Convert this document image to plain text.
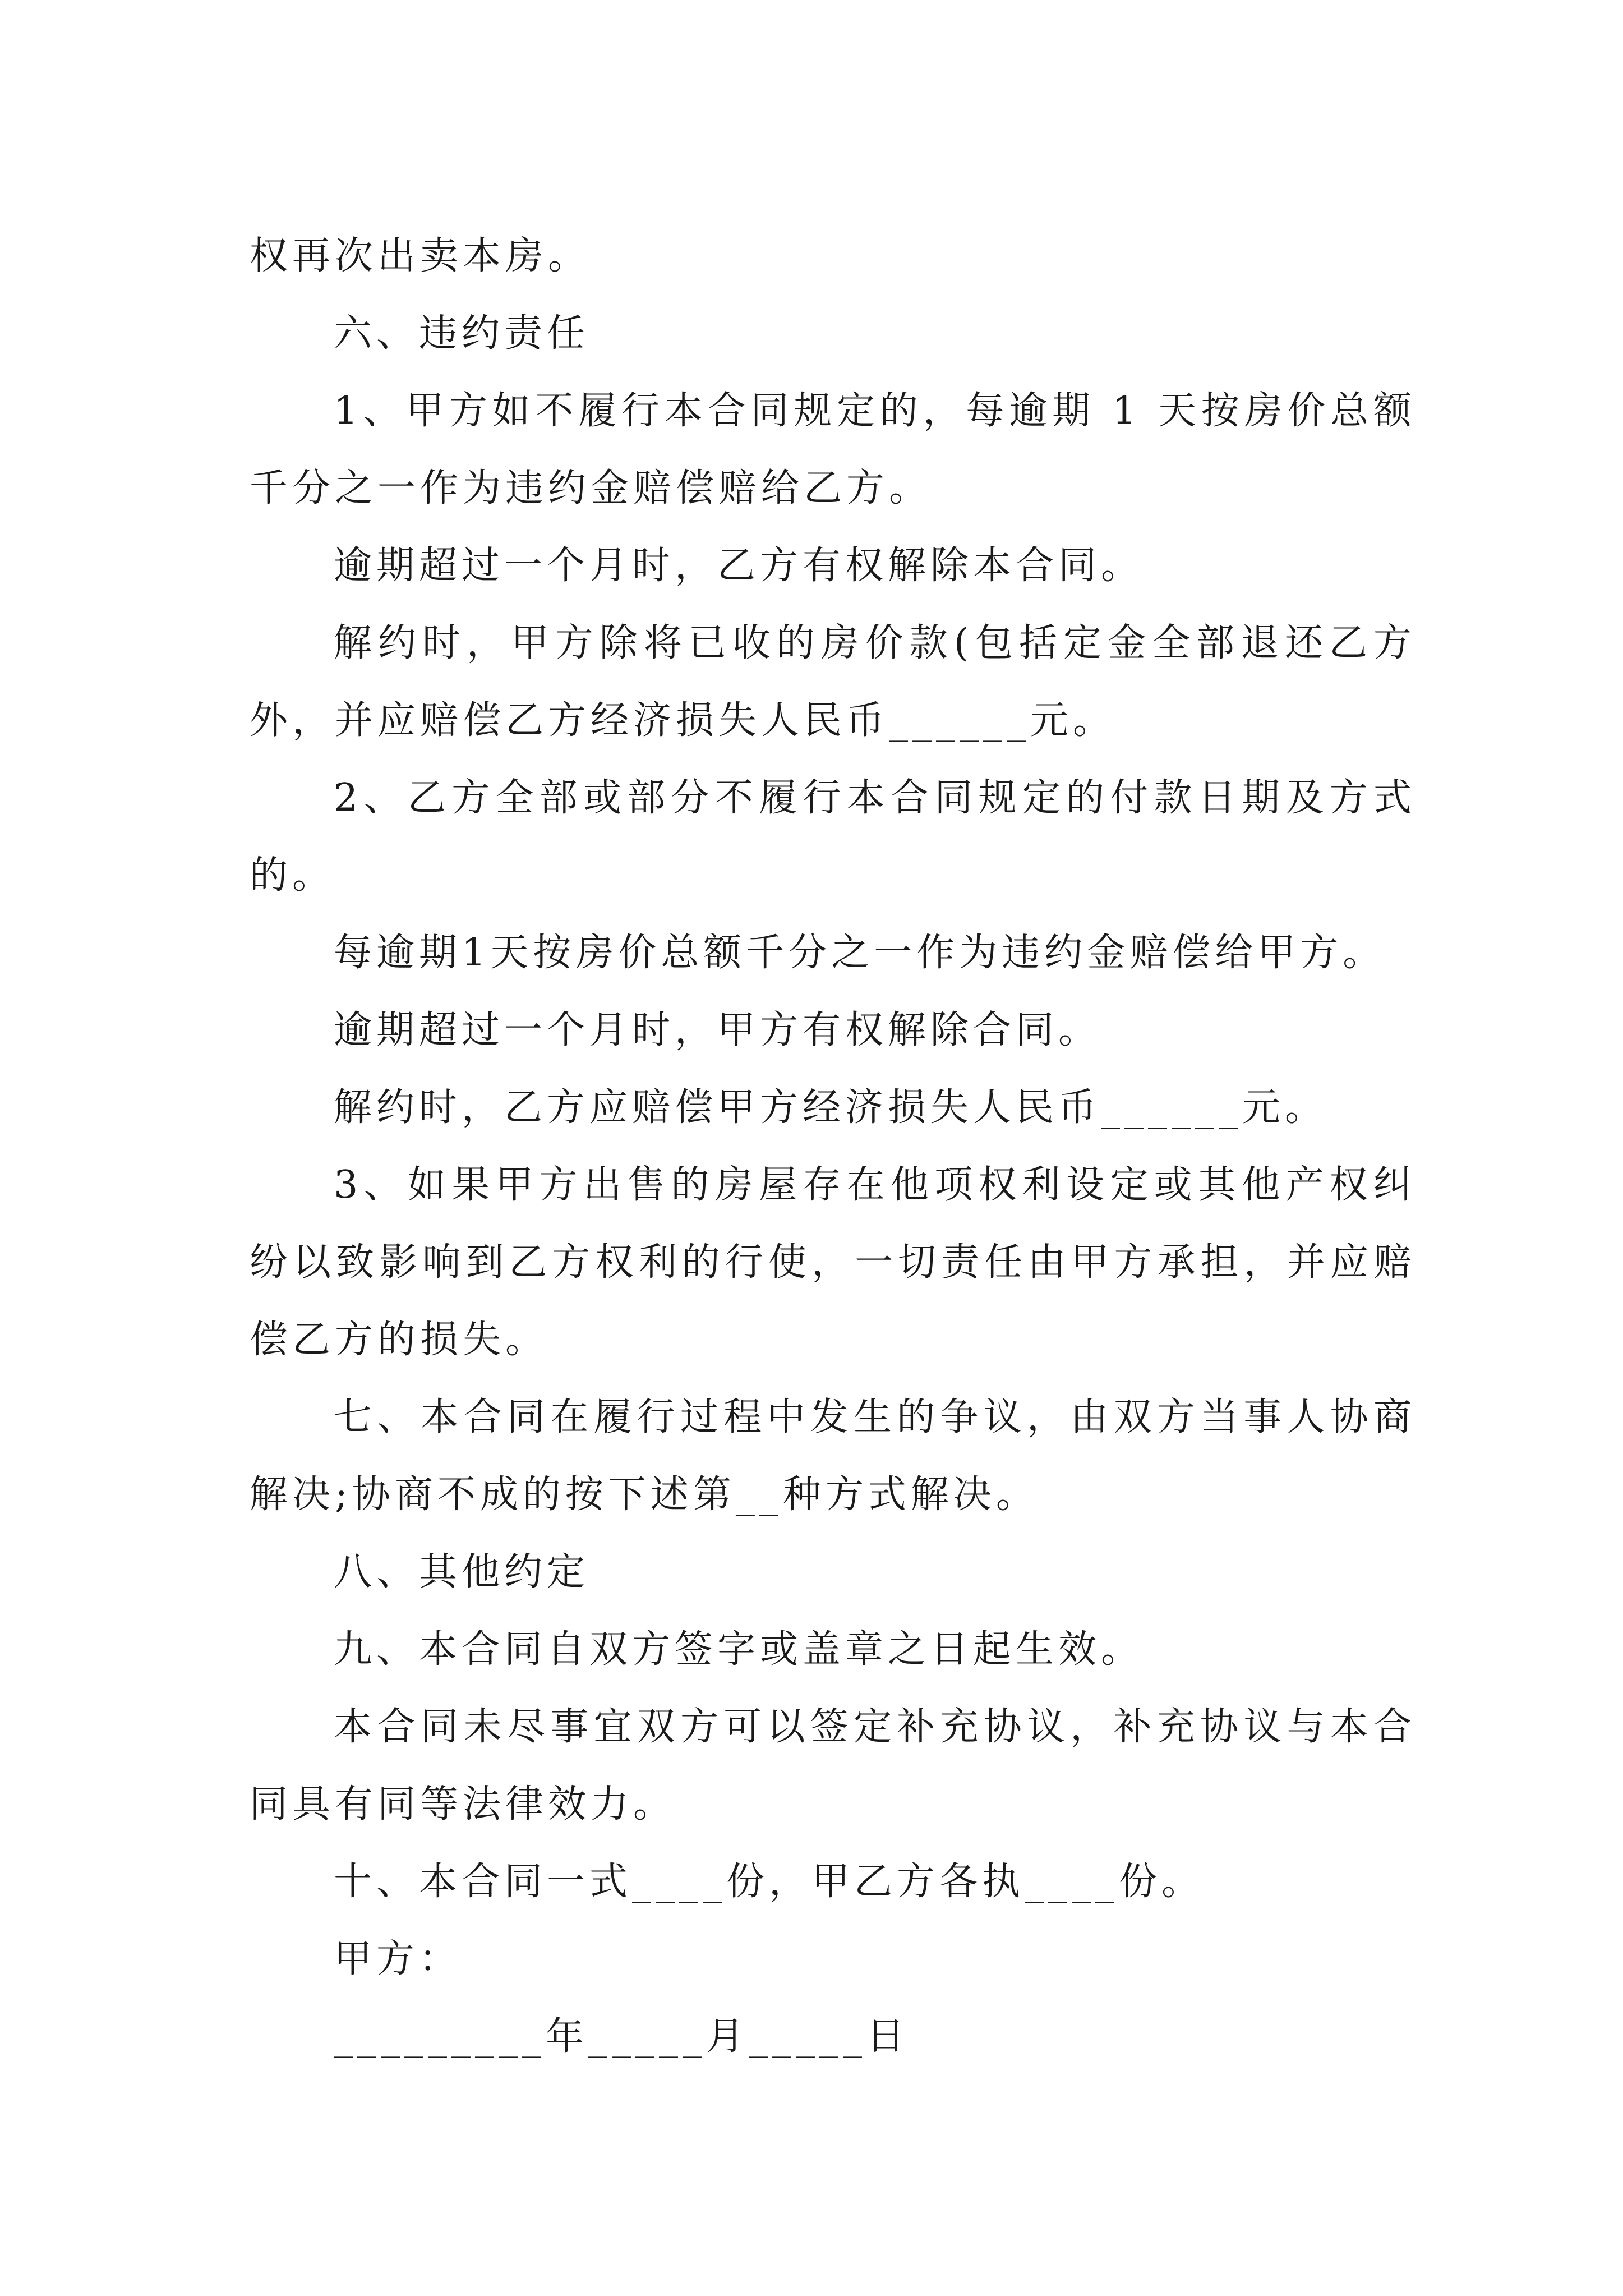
权再次出卖本房。

六、违约责任

1、甲方如不履行本合同规定的，每逾期 1 天按房价总额千分之一作为违约金赔偿赔给乙方。

逾期超过一个月时，乙方有权解除本合同。

解约时，甲方除将已收的房价款(包括定金全部退还乙方外，并应赔偿乙方经济损失人民币______元。

2、乙方全部或部分不履行本合同规定的付款日期及方式的。

每逾期1天按房价总额千分之一作为违约金赔偿给甲方。

逾期超过一个月时，甲方有权解除合同。

解约时，乙方应赔偿甲方经济损失人民币______元。

3、如果甲方出售的房屋存在他项权利设定或其他产权纠纷以致影响到乙方权利的行使，一切责任由甲方承担，并应赔偿乙方的损失。

七、本合同在履行过程中发生的争议，由双方当事人协商解决;协商不成的按下述第__种方式解决。

八、其他约定

九、本合同自双方签字或盖章之日起生效。

本合同未尽事宜双方可以签定补充协议，补充协议与本合同具有同等法律效力。

十、本合同一式____份，甲乙方各执____份。

甲方：

_________年_____月_____日
